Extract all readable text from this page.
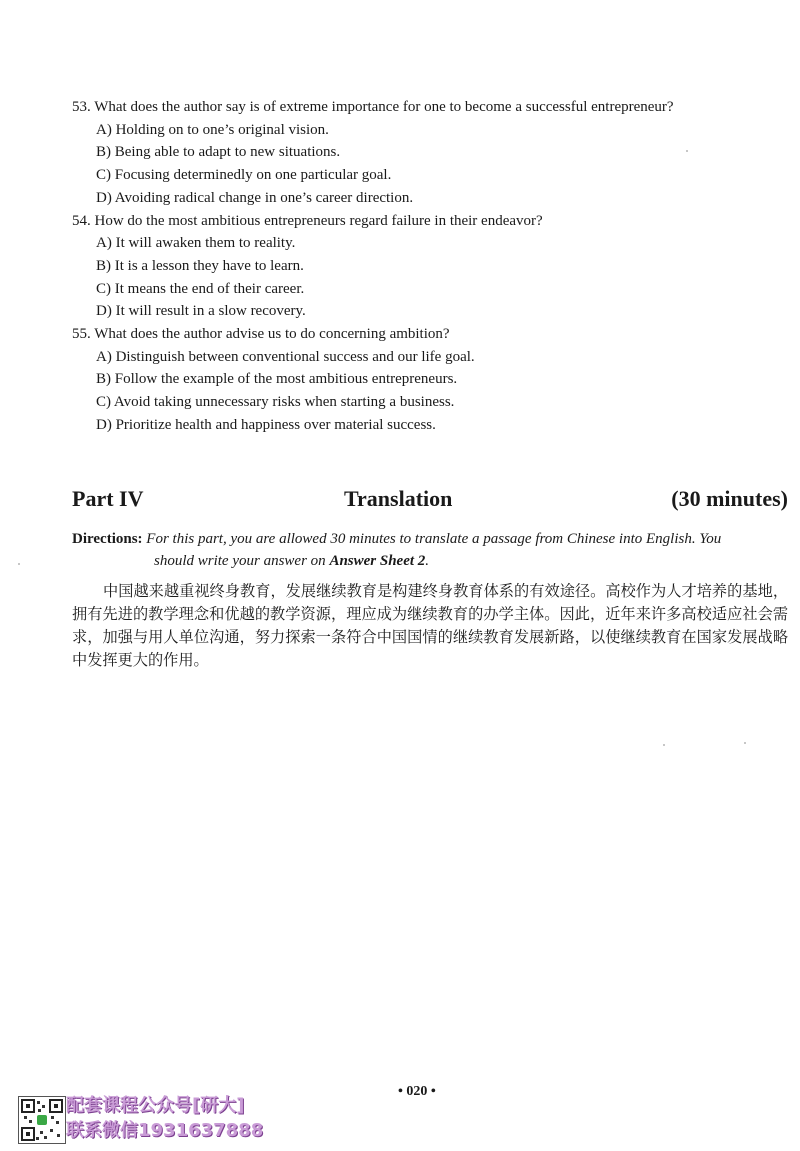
53. What does the author say is of extreme importance for one to become a successful entrepreneur?
A) Holding on to one’s original vision.
B) Being able to adapt to new situations.
C) Focusing determinedly on one particular goal.
D) Avoiding radical change in one’s career direction.
54. How do the most ambitious entrepreneurs regard failure in their endeavor?
A) It will awaken them to reality.
B) It is a lesson they have to learn.
C) It means the end of their career.
D) It will result in a slow recovery.
55. What does the author advise us to do concerning ambition?
A) Distinguish between conventional success and our life goal.
B) Follow the example of the most ambitious entrepreneurs.
C) Avoid taking unnecessary risks when starting a business.
D) Prioritize health and happiness over material success.
Part IV	Translation	(30 minutes)
Directions: For this part, you are allowed 30 minutes to translate a passage from Chinese into English. You
should write your answer on Answer Sheet 2.
中国越来越重视终身教育，发展继续教育是构建终身教育体系的有效途径。高校作为人才培养的基地，拥有先进的教学理念和优越的教学资源，理应成为继续教育的办学主体。因此，近年来许多高校适应社会需求，加强与用人单位沟通，努力探索一条符合中国国情的继续教育发展新路，以使继续教育在国家发展战略中发挥更大的作用。
• 020 •
配套课程公众号[研大]
联系微信1931637888
